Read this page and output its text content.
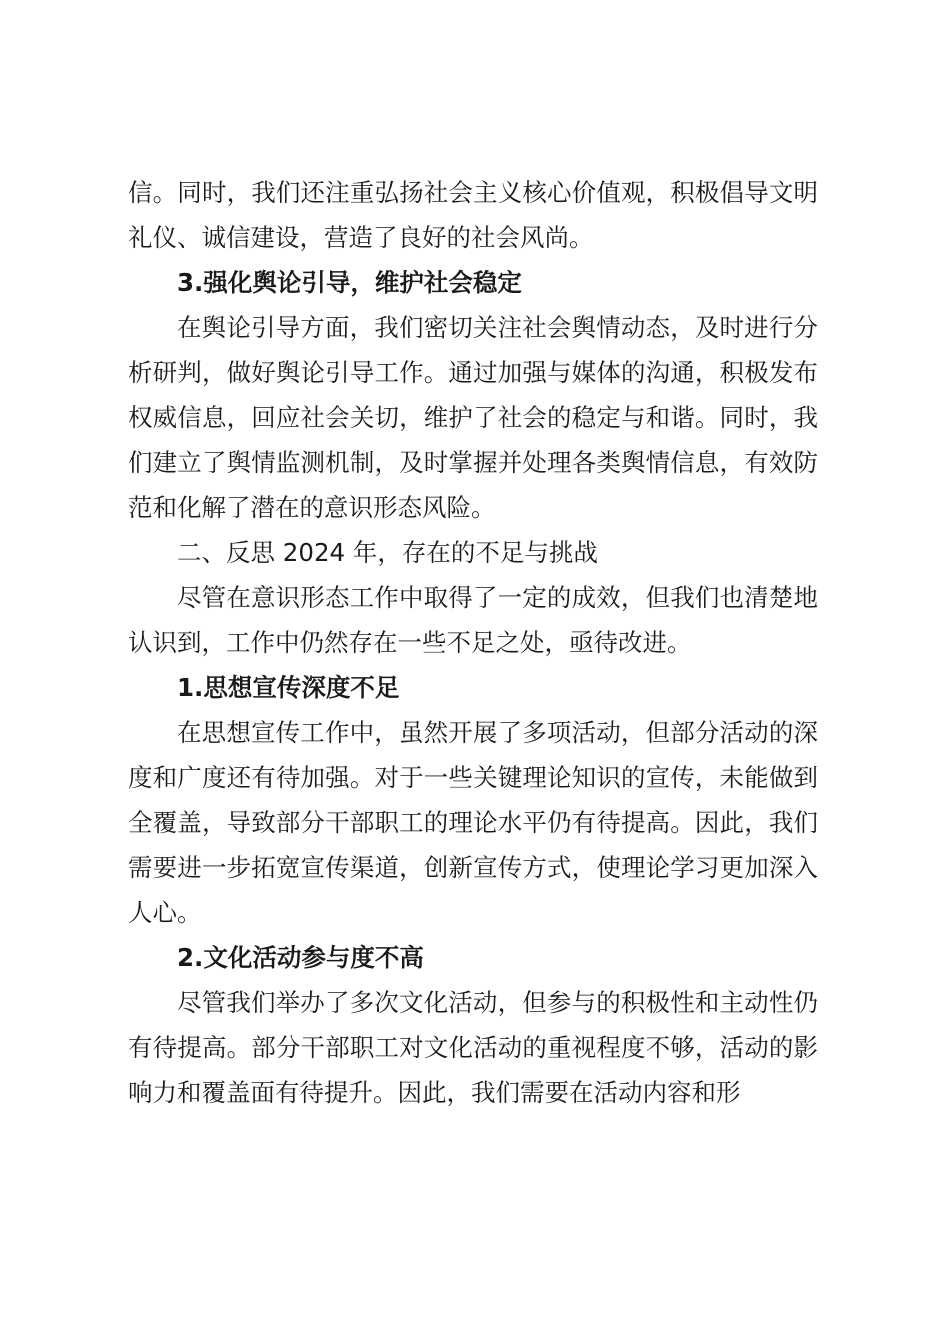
信。同时，我们还注重弘扬社会主义核心价值观，积极倡导文明礼仪、诚信建设，营造了良好的社会风尚。

3.强化舆论引导，维护社会稳定

在舆论引导方面，我们密切关注社会舆情动态，及时进行分析研判，做好舆论引导工作。通过加强与媒体的沟通，积极发布权威信息，回应社会关切，维护了社会的稳定与和谐。同时，我们建立了舆情监测机制，及时掌握并处理各类舆情信息，有效防范和化解了潜在的意识形态风险。

二、反思 2024 年，存在的不足与挑战

尽管在意识形态工作中取得了一定的成效，但我们也清楚地认识到，工作中仍然存在一些不足之处，亟待改进。

1.思想宣传深度不足

在思想宣传工作中，虽然开展了多项活动，但部分活动的深度和广度还有待加强。对于一些关键理论知识的宣传，未能做到全覆盖，导致部分干部职工的理论水平仍有待提高。因此，我们需要进一步拓宽宣传渠道，创新宣传方式，使理论学习更加深入人心。

2.文化活动参与度不高

尽管我们举办了多次文化活动，但参与的积极性和主动性仍有待提高。部分干部职工对文化活动的重视程度不够，活动的影响力和覆盖面有待提升。因此，我们需要在活动内容和形
